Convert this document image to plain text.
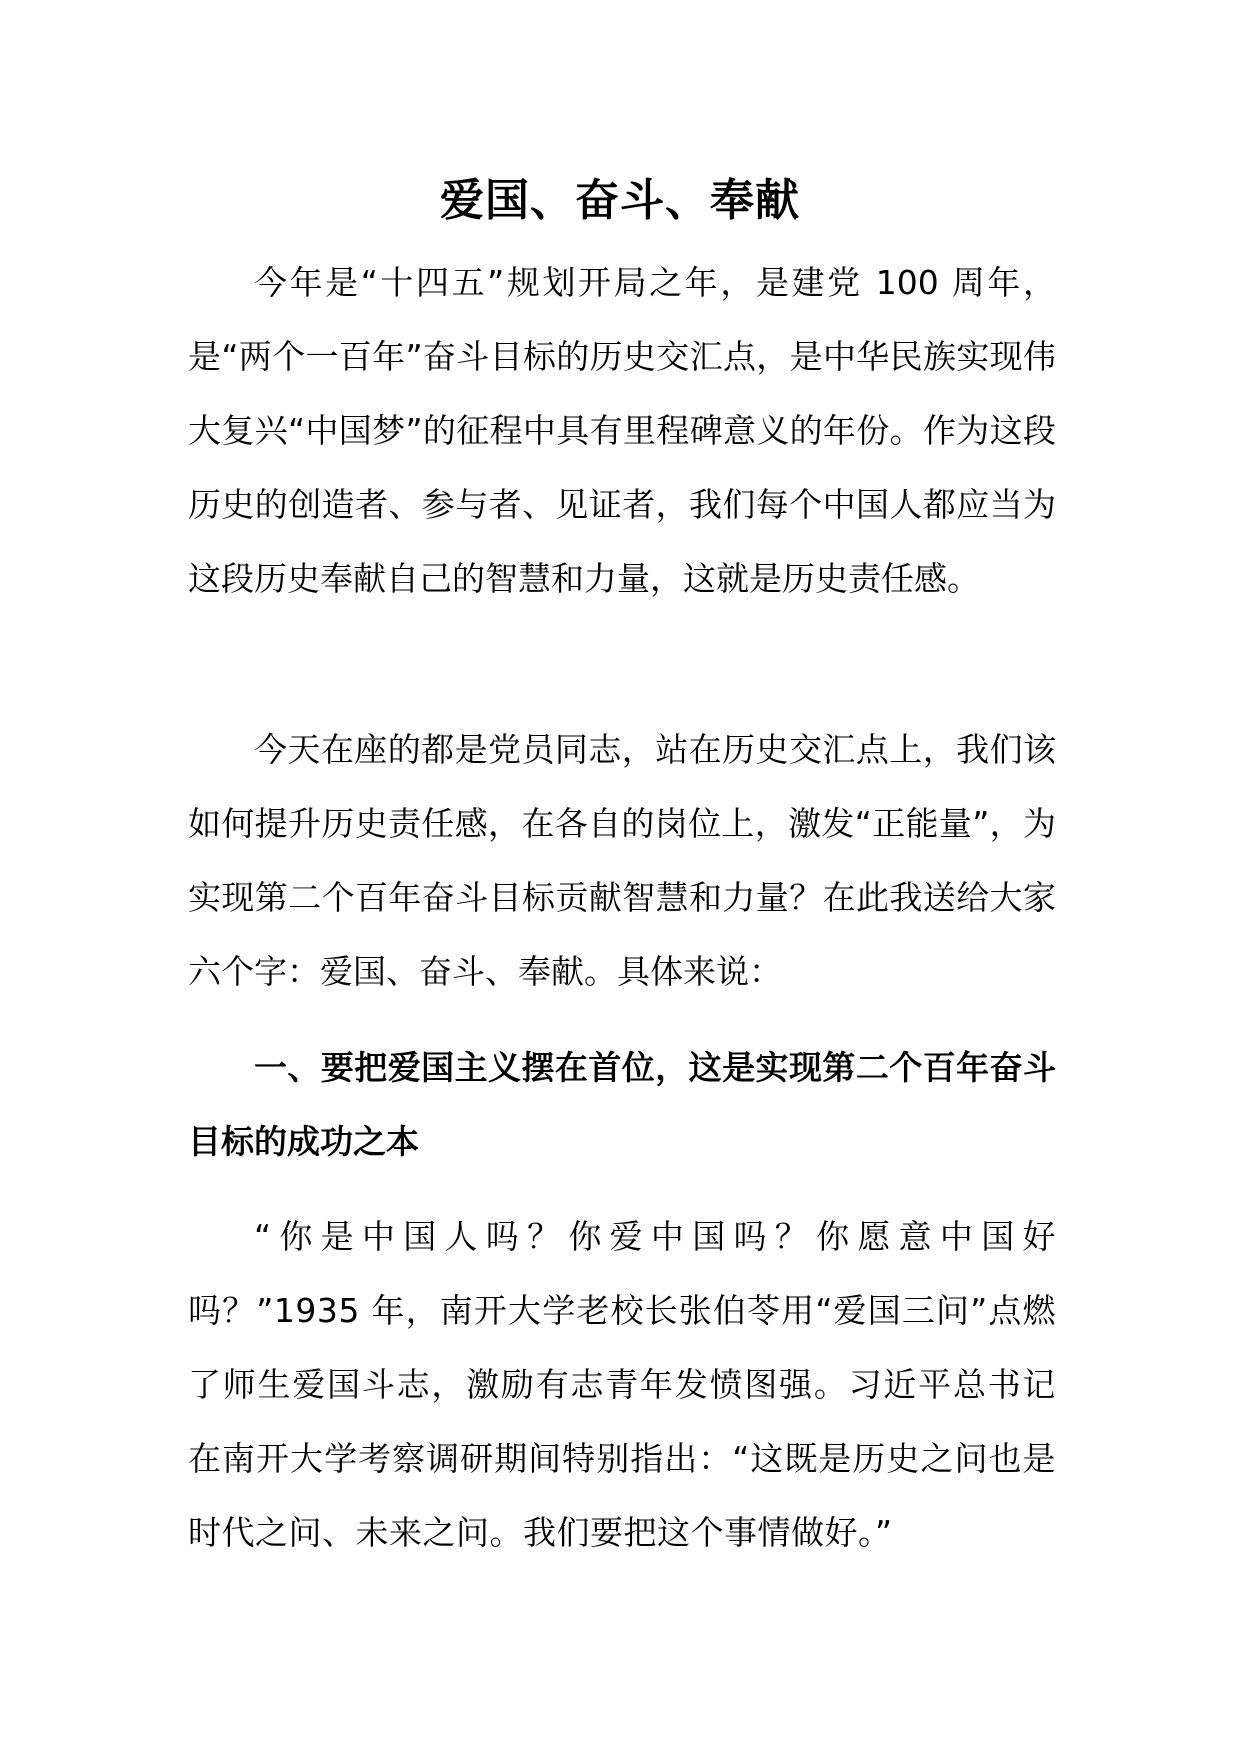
爱国、奋斗、奉献

今年是“十四五”规划开局之年，是建党 100 周年，是“两个一百年”奋斗目标的历史交汇点，是中华民族实现伟大复兴“中国梦”的征程中具有里程碑意义的年份。作为这段历史的创造者、参与者、见证者，我们每个中国人都应当为这段历史奉献自己的智慧和力量，这就是历史责任感。

今天在座的都是党员同志，站在历史交汇点上，我们该如何提升历史责任感，在各自的岗位上，激发“正能量”，为实现第二个百年奋斗目标贡献智慧和力量？在此我送给大家六个字：爱国、奋斗、奉献。具体来说：

一、要把爱国主义摆在首位，这是实现第二个百年奋斗目标的成功之本

“你是中国人吗？你爱中国吗？你愿意中国好吗？”1935 年，南开大学老校长张伯苓用“爱国三问”点燃了师生爱国斗志，激励有志青年发愤图强。习近平总书记在南开大学考察调研期间特别指出：“这既是历史之问也是时代之问、未来之问。我们要把这个事情做好。”
